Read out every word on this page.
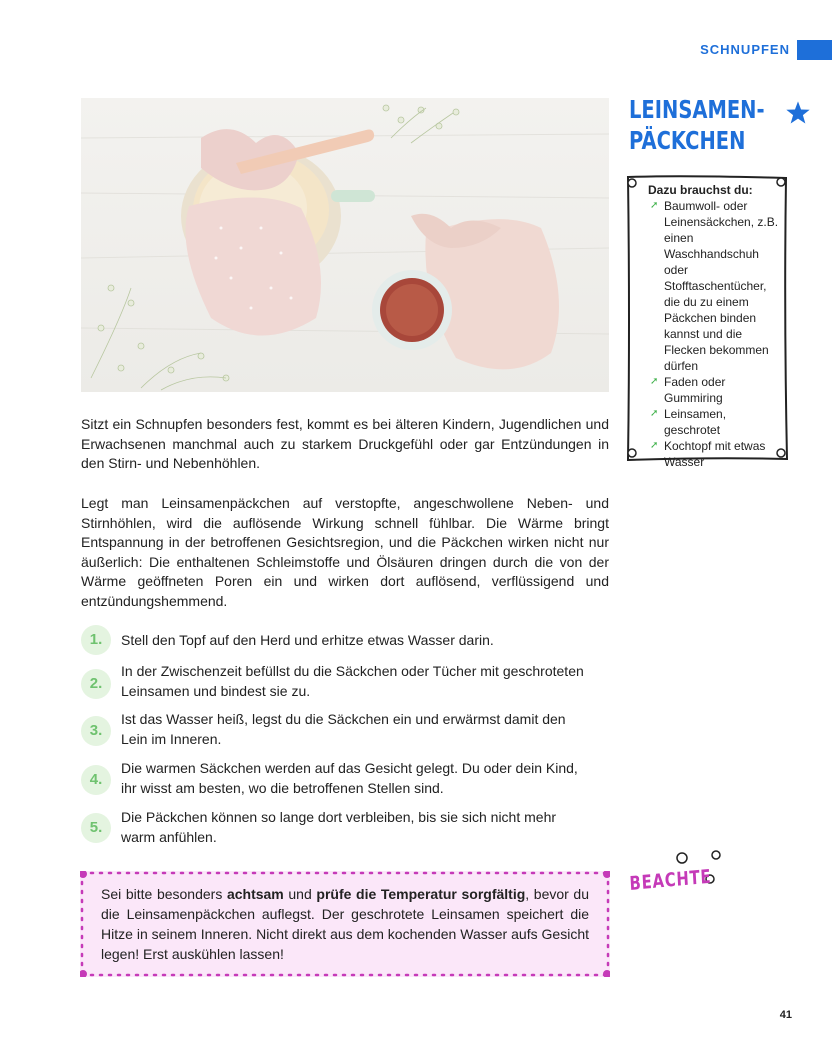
SCHNUPFEN
LEINSAMEN-
PÄCKCHEN
Dazu brauchst du:
➚ Baumwoll- oder Leinensäckchen, z.B. einen Waschhandschuh oder Stofftaschentücher, die du zu einem Päckchen binden kannst und die Flecken bekommen dürfen
➚ Faden oder Gummiring
➚ Leinsamen, geschrotet
➚ Kochtopf mit etwas Wasser
Sitzt ein Schnupfen besonders fest, kommt es bei älteren Kindern, Jugendlichen und Erwachsenen manchmal auch zu starkem Druckgefühl oder gar Entzündungen in den Stirn- und Nebenhöhlen.
Legt man Leinsamenpäckchen auf verstopfte, angeschwollene Neben- und Stirnhöhlen, wird die auflösende Wirkung schnell fühlbar. Die Wärme bringt Entspannung in der betroffenen Gesichtsregion, und die Päckchen wirken nicht nur äußerlich: Die enthaltenen Schleimstoffe und Ölsäuren dringen durch die von der Wärme geöffneten Poren ein und wirken dort auflösend, verflüssigend und entzündungshemmend.
1.	Stell den Topf auf den Herd und erhitze etwas Wasser darin.
2.
In der Zwischenzeit befüllst du die Säckchen oder Tücher mit geschroteten Leinsamen und bindest sie zu.
3.
Ist das Wasser heiß, legst du die Säckchen ein und erwärmst damit den Lein im Inneren.
4.
Die warmen Säckchen werden auf das Gesicht gelegt. Du oder dein Kind, ihr wisst am besten, wo die betroffenen Stellen sind.
5.
Die Päckchen können so lange dort verbleiben, bis sie sich nicht mehr warm anfühlen.
Sei bitte besonders achtsam und prüfe die Temperatur sorgfältig, bevor du die Leinsamenpäckchen auflegst. Der geschrotete Leinsamen speichert die Hitze in seinem Inneren. Nicht direkt aus dem kochenden Wasser aufs Gesicht legen! Erst auskühlen lassen!
BEACHTE
41
